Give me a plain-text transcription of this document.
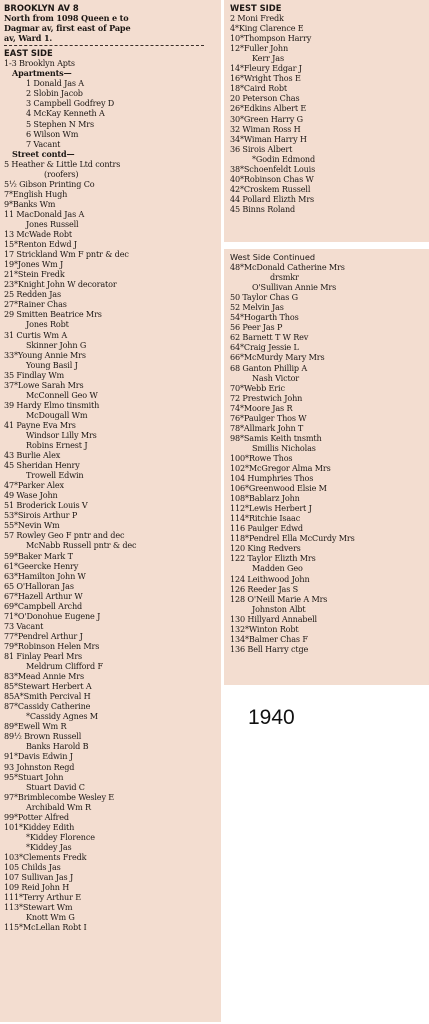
BROOKLYN AV 8
North from 1098 Queen e to
Dagmar av, first east of Pape
av, Ward 1.
EAST SIDE
1-3 Brooklyn Apts
Apartments—
1 Donald Jas A
2 Slobin Jacob
3 Campbell Godfrey D
4 McKay Kenneth A
5 Stephen N Mrs
6 Wilson Wm
7 Vacant
Street contd—
5 Heather & Little Ltd contrs
(roofers)
5½ Gibson Printing Co
7*English Hugh
9*Banks Wm
11 MacDonald Jas A
Jones Russell
13 McWade Robt
15*Renton Edwd J
17 Strickland Wm F pntr & dec
19*Jones Wm J
21*Stein Fredk
23*Knight John W decorator
25 Redden Jas
27*Rainer Chas
29 Smitten Beatrice Mrs
Jones Robt
31 Curtis Wm A
Skinner John G
33*Young Annie Mrs
Young Basil J
35 Findlay Wm
37*Lowe Sarah Mrs
McConnell Geo W
39 Hardy Elmo tinsmith
McDougall Wm
41 Payne Eva Mrs
Windsor Lilly Mrs
Robins Ernest J
43 Burlie Alex
45 Sheridan Henry
Trowell Edwin
47*Parker Alex
49 Wase John
51 Broderick Louis V
53*Sirois Arthur P
55*Nevin Wm
57 Rowley Geo F pntr and dec
McNabb Russell pntr & dec
59*Baker Mark T
61*Geercke Henry
63*Hamilton John W
65 O'Halloran Jas
67*Hazell Arthur W
69*Campbell Archd
71*O'Donohue Eugene J
73 Vacant
77*Pendrel Arthur J
79*Robinson Helen Mrs
81 Finlay Pearl Mrs
Meldrum Clifford F
83*Mead Annie Mrs
85*Stewart Herbert A
85A*Smith Percival H
87*Cassidy Catherine
*Cassidy Agnes M
89*Ewell Wm R
89½ Brown Russell
Banks Harold B
91*Davis Edwin J
93 Johnston Regd
95*Stuart John
Stuart David C
97*Brimblecombe Wesley E
Archibald Wm R
99*Potter Alfred
101*Kiddey Edith
*Kiddey Florence
*Kiddey Jas
103*Clements Fredk
105 Childs Jas
107 Sullivan Jas J
109 Reid John H
111*Terry Arthur E
113*Stewart Wm
Knott Wm G
115*McLellan Robt I
WEST SIDE
2 Moni Fredk
4*King Clarence E
10*Thompson Harry
12*Fuller John
Kerr Jas
14*Fleury Edgar J
16*Wright Thos E
18*Caird Robt
20 Peterson Chas
26*Edkins Albert E
30*Green Harry G
32 Wiman Ross H
34*Wiman Harry H
36 Sirois Albert
*Godin Edmond
38*Schoenfeldt Louis
40*Robinson Chas W
42*Croskem Russell
44 Pollard Elizth Mrs
45 Binns Roland
West Side Continued
48*McDonald Catherine Mrs
drsmkr
O'Sullivan Annie Mrs
50 Taylor Chas G
52 Melvin Jas
54*Hogarth Thos
56 Peer Jas P
62 Barnett T W Rev
64*Craig Jessie L
66*McMurdy Mary Mrs
68 Ganton Phillip A
Nash Victor
70*Webb Eric
72 Prestwich John
74*Moore Jas R
76*Paulger Thos W
78*Allmark John T
98*Samis Keith tnsmth
Smillis Nicholas
100*Rowe Thos
102*McGregor Alma Mrs
104 Humphries Thos
106*Greenwood Elsie M
108*Bablarz John
112*Lewis Herbert J
114*Ritchie Isaac
116 Paulger Edwd
118*Pendrel Ella McCurdy Mrs
120 King Redvers
122 Taylor Elizth Mrs
Madden Geo
124 Leithwood John
126 Reeder Jas S
128 O'Neill Marie A Mrs
Johnston Albt
130 Hillyard Annabell
132*Winton Robt
134*Balmer Chas F
136 Bell Harry ctge
1940
